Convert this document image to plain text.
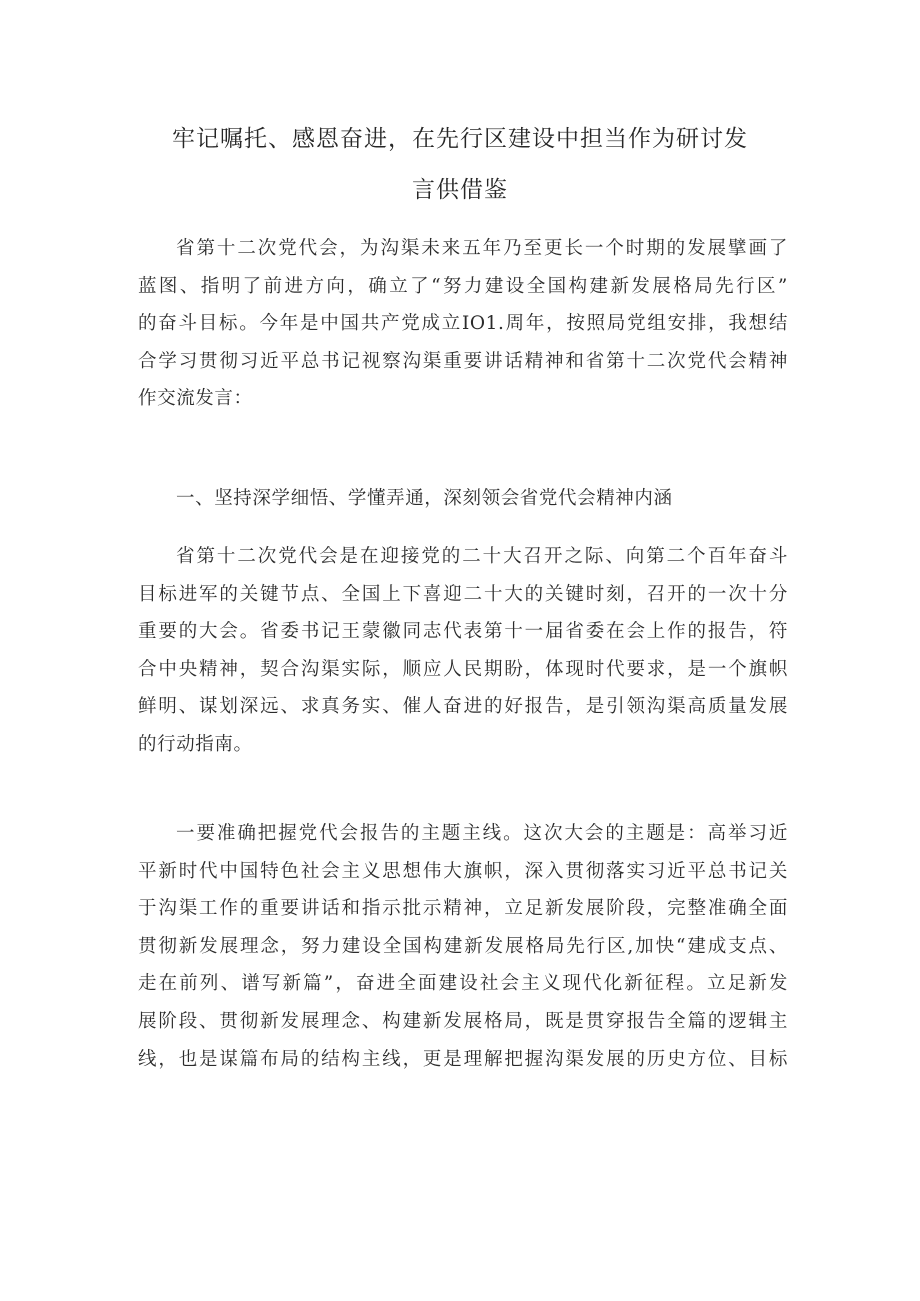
牢记嘱托、感恩奋进，在先行区建设中担当作为研讨发
言供借鉴
省第十二次党代会，为沟渠未来五年乃至更长一个时期的发展擘画了
蓝图、指明了前进方向，确立了“努力建设全国构建新发展格局先行区”
的奋斗目标。今年是中国共产党成立IO1.周年，按照局党组安排，我想结
合学习贯彻习近平总书记视察沟渠重要讲话精神和省第十二次党代会精神
作交流发言：
一、坚持深学细悟、学懂弄通，深刻领会省党代会精神内涵
省第十二次党代会是在迎接党的二十大召开之际、向第二个百年奋斗
目标进军的关键节点、全国上下喜迎二十大的关键时刻，召开的一次十分
重要的大会。省委书记王蒙徽同志代表第十一届省委在会上作的报告，符
合中央精神，契合沟渠实际，顺应人民期盼，体现时代要求，是一个旗帜
鲜明、谋划深远、求真务实、催人奋进的好报告，是引领沟渠高质量发展
的行动指南。
一要准确把握党代会报告的主题主线。这次大会的主题是：高举习近
平新时代中国特色社会主义思想伟大旗帜，深入贯彻落实习近平总书记关
于沟渠工作的重要讲话和指示批示精神，立足新发展阶段，完整准确全面
贯彻新发展理念，努力建设全国构建新发展格局先行区,加快“建成支点、
走在前列、谱写新篇”，奋进全面建设社会主义现代化新征程。立足新发
展阶段、贯彻新发展理念、构建新发展格局，既是贯穿报告全篇的逻辑主
线，也是谋篇布局的结构主线，更是理解把握沟渠发展的历史方位、目标
